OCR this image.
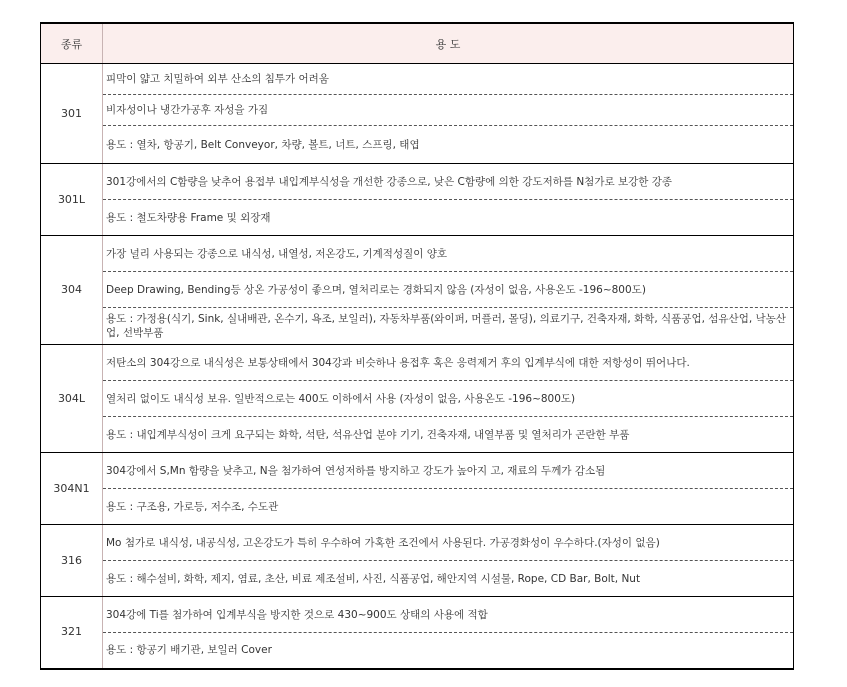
종류	용 도
301	피막이 얇고 치밀하여 외부 산소의 침투가 어려움
	비자성이나 냉간가공후 자성을 가짐
	용도 : 열차, 항공기, Belt Conveyor, 차량, 볼트, 너트, 스프링, 태엽
301L	301강에서의 C함량을 낮추어 용접부 내입계부식성을 개선한 강종으로, 낮은 C함량에 의한 강도저하를 N첨가로 보강한 강종
	용도 : 철도차량용 Frame 및 외장재
304	가장 널리 사용되는 강종으로 내식성, 내열성, 저온강도, 기계적성질이 양호
	Deep Drawing, Bending등 상온 가공성이 좋으며, 열처리로는 경화되지 않음 (자성이 없음, 사용온도 -196~800도)
	용도 : 가정용(식기, Sink, 실내배관, 온수기, 욕조, 보일러), 자동차부품(와이퍼, 머플러, 몰딩), 의료기구, 건축자재, 화학, 식품공업, 섬유산업, 낙농산업, 선박부품
304L	저탄소의 304강으로 내식성은 보통상태에서 304강과 비슷하나 용접후 혹은 응력제거 후의 입계부식에 대한 저항성이 뛰어나다.
	열처리 없이도 내식성 보유. 일반적으로는 400도 이하에서 사용 (자성이 없음, 사용온도 -196~800도)
	용도 : 내입계부식성이 크게 요구되는 화학, 석탄, 석유산업 분야 기기, 건축자재, 내열부품 및 열처리가 곤란한 부품
304N1	304강에서 S,Mn 함량을 낮추고, N을 첨가하여 연성저하를 방지하고 강도가 높아지 고, 재료의 두께가 감소됨
	용도 : 구조용, 가로등, 저수조, 수도관
316	Mo 첨가로 내식성, 내공식성, 고온강도가 특히 우수하여 가혹한 조건에서 사용된다. 가공경화성이 우수하다.(자성이 없음)
	용도 : 해수설비, 화학, 제지, 염료, 초산, 비료 제조설비, 사진, 식품공업, 해안지역 시설물, Rope, CD Bar, Bolt, Nut
321	304강에 Ti를 첨가하여 입계부식을 방지한 것으로 430~900도 상태의 사용에 적합
	용도 : 항공기 배기관, 보일러 Cover
